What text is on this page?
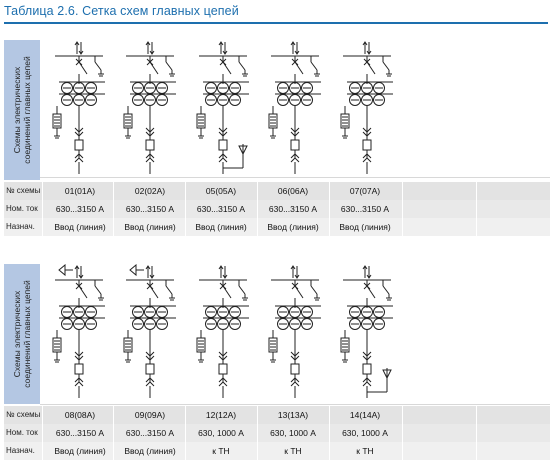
Таблица 2.6. Сетка схем главных цепей
Схемы электрических соединений главных цепей
№ схемы	01(01А)	02(02А)	05(05А)	06(06А)	07(07А)
Ном. ток	630...3150 А	630...3150 А	630...3150 А	630...3150 А	630...3150 А
Назнач.	Ввод (линия)	Ввод (линия)	Ввод (линия)	Ввод (линия)	Ввод (линия)
Схемы электрических соединений главных цепей
№ схемы	08(08А)	09(09А)	12(12А)	13(13А)	14(14А)
Ном. ток	630...3150 А	630...3150 А	630, 1000 А	630, 1000 А	630, 1000 А
Назнач.	Ввод (линия)	Ввод (линия)	к ТН	к ТН	к ТН
